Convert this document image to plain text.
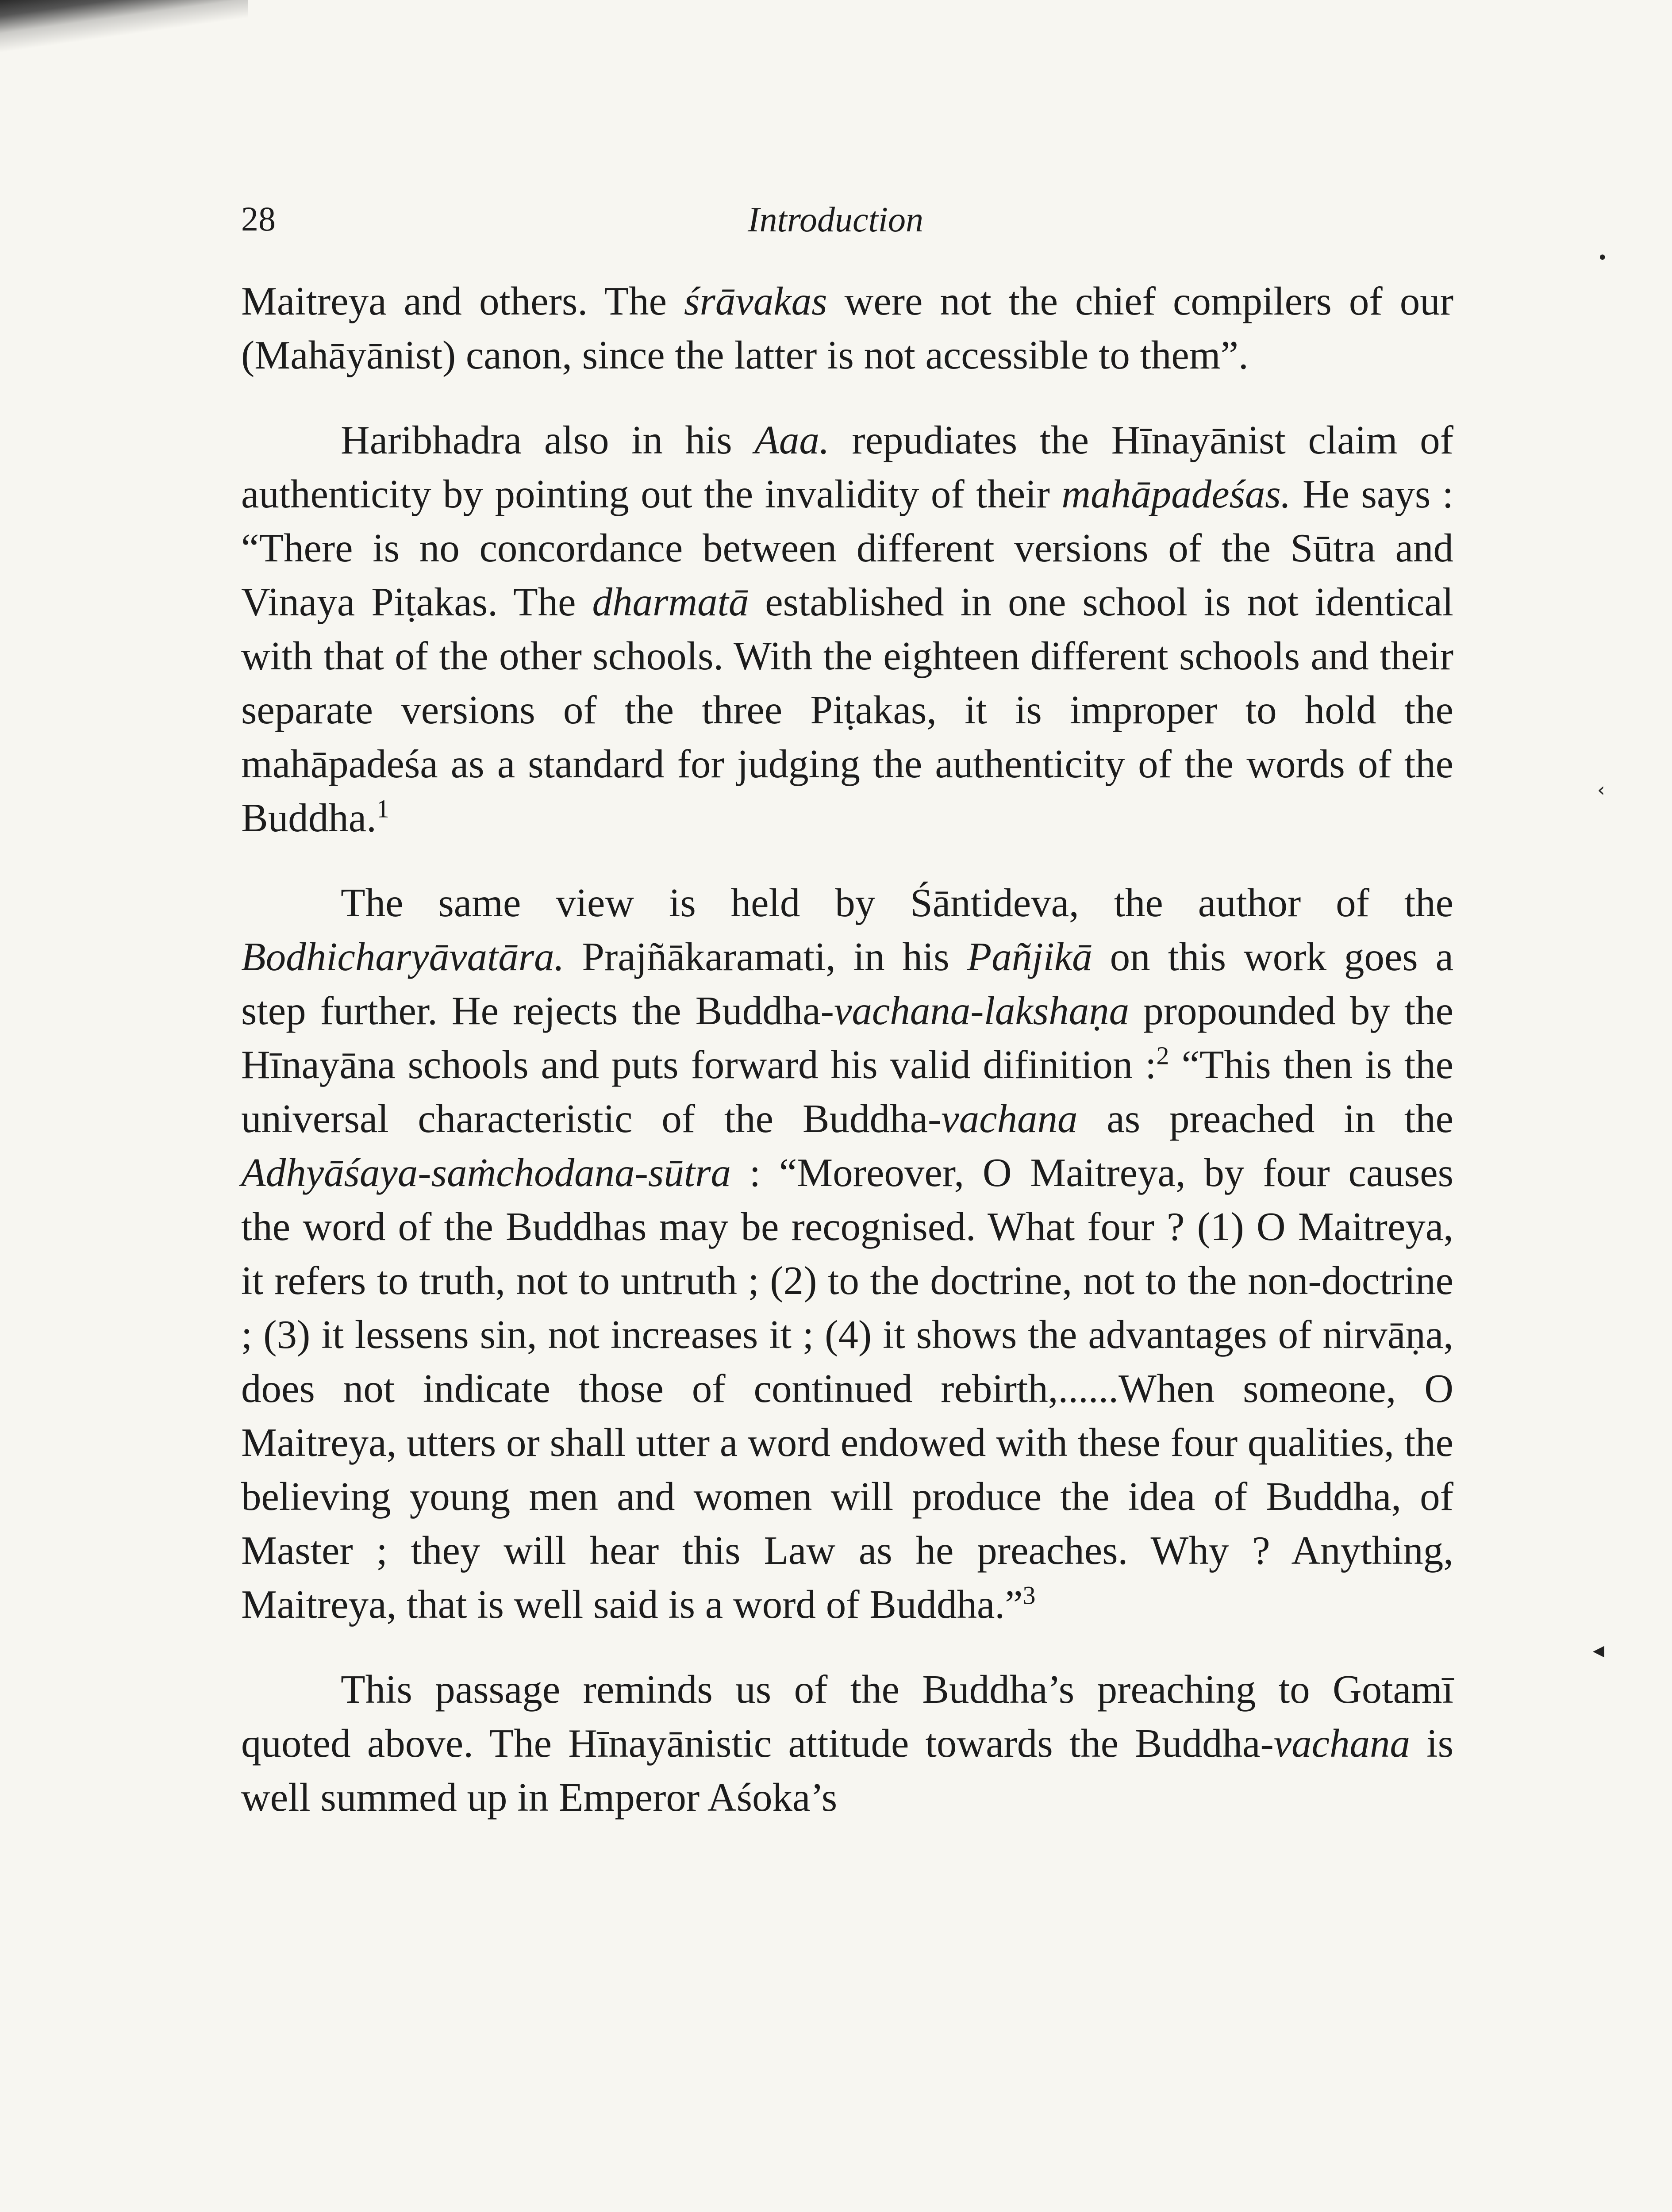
•
‹
◂
28	Introduction

Maitreya and others. The śrāvakas were not the chief compilers of our (Mahāyānist) canon, since the latter is not accessible to them”.

Haribhadra also in his Aaa. repudiates the Hīnayānist claim of authenticity by pointing out the invalidity of their mahāpadeśas. He says : “There is no concordance between different versions of the Sūtra and Vinaya Piṭakas. The dharmatā established in one school is not identical with that of the other schools. With the eighteen different schools and their separate versions of the three Piṭakas, it is improper to hold the mahāpadeśa as a standard for judging the authenticity of the words of the Buddha.$^1$

The same view is held by Śāntideva, the author of the Bodhicharyāvatāra. Prajñākaramati, in his Pañjikā on this work goes a step further. He rejects the Buddha-vachana-lakshaṇa propounded by the Hīnayāna schools and puts forward his valid difinition :$^2$ “This then is the universal characteristic of the Buddha-vachana as preached in the Adhyāśaya-saṁchodana-sūtra : “Moreover, O Maitreya, by four causes the word of the Buddhas may be recognised. What four ? (1) O Maitreya, it refers to truth, not to untruth ; (2) to the doctrine, not to the non-doctrine ; (3) it lessens sin, not increases it ; (4) it shows the advantages of nirvāṇa, does not indicate those of continued rebirth,......When someone, O Maitreya, utters or shall utter a word endowed with these four qualities, the believing young men and women will produce the idea of Buddha, of Master ; they will hear this Law as he preaches. Why ? Anything, Maitreya, that is well said is a word of Buddha.”$^3$

This passage reminds us of the Buddha’s preaching to Gotamī quoted above. The Hīnayānistic attitude towards the Buddha-vachana is well summed up in Emperor Aśoka’s
